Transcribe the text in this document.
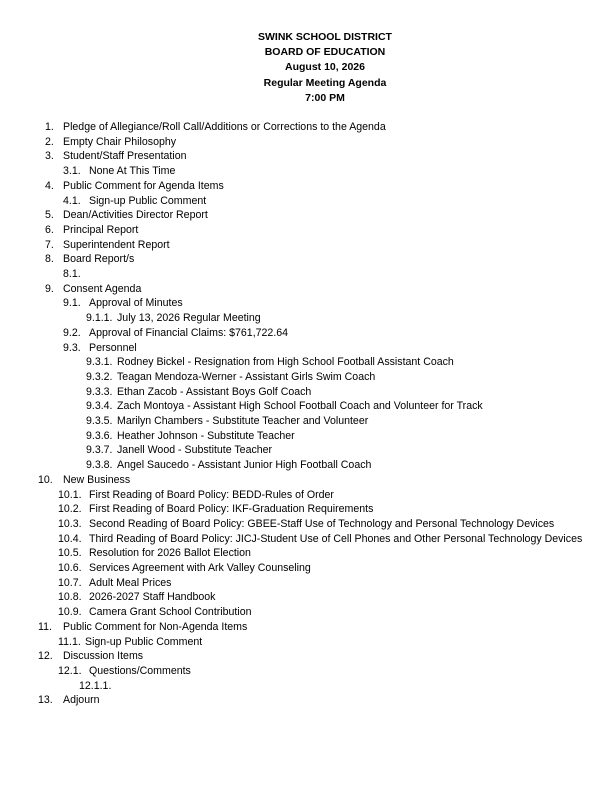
SWINK SCHOOL DISTRICT
BOARD OF EDUCATION
August 10, 2026
Regular Meeting Agenda
7:00 PM
1. Pledge of Allegiance/Roll Call/Additions or Corrections to the Agenda
2. Empty Chair Philosophy
3. Student/Staff Presentation
3.1. None At This Time
4. Public Comment for Agenda Items
4.1. Sign-up Public Comment
5. Dean/Activities Director Report
6. Principal Report
7. Superintendent Report
8. Board Report/s
8.1.
9. Consent Agenda
9.1. Approval of Minutes
9.1.1. July 13, 2026 Regular Meeting
9.2. Approval of Financial Claims: $761,722.64
9.3. Personnel
9.3.1. Rodney Bickel - Resignation from High School Football Assistant Coach
9.3.2. Teagan Mendoza-Werner - Assistant Girls Swim Coach
9.3.3. Ethan Zacob - Assistant Boys Golf Coach
9.3.4. Zach Montoya - Assistant High School Football Coach and Volunteer for Track
9.3.5. Marilyn Chambers - Substitute Teacher and Volunteer
9.3.6. Heather Johnson - Substitute Teacher
9.3.7. Janell Wood - Substitute Teacher
9.3.8. Angel Saucedo - Assistant Junior High Football Coach
10. New Business
10.1. First Reading of Board Policy: BEDD-Rules of Order
10.2. First Reading of Board Policy: IKF-Graduation Requirements
10.3. Second Reading of Board Policy: GBEE-Staff Use of Technology and Personal Technology Devices
10.4. Third Reading of Board Policy: JICJ-Student Use of Cell Phones and Other Personal Technology Devices
10.5. Resolution for 2026 Ballot Election
10.6. Services Agreement with Ark Valley Counseling
10.7. Adult Meal Prices
10.8. 2026-2027 Staff Handbook
10.9. Camera Grant School Contribution
11. Public Comment for Non-Agenda Items
11.1. Sign-up Public Comment
12. Discussion Items
12.1. Questions/Comments
12.1.1.
13. Adjourn
